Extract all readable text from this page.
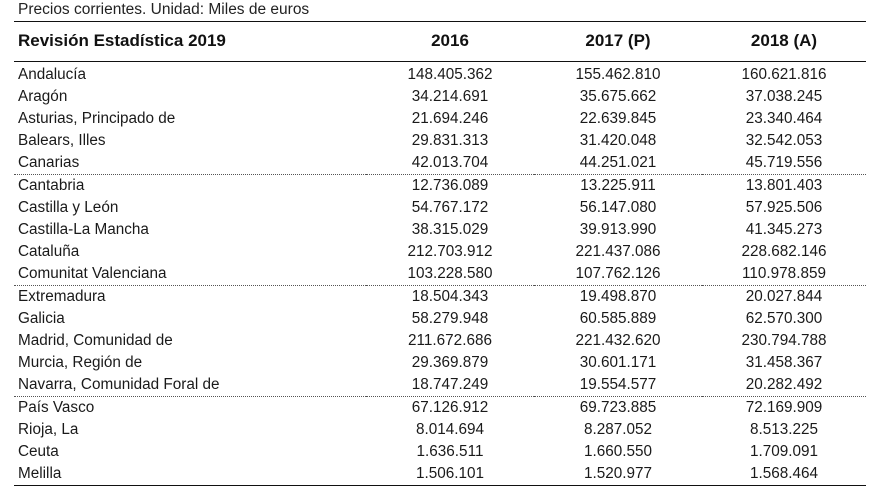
Precios corrientes. Unidad: Miles de euros
Revisión Estadística 2019	2016	2017 (P)	2018 (A)
Andalucía	148.405.362	155.462.810	160.621.816
Aragón	34.214.691	35.675.662	37.038.245
Asturias, Principado de	21.694.246	22.639.845	23.340.464
Balears, Illes	29.831.313	31.420.048	32.542.053
Canarias	42.013.704	44.251.021	45.719.556
Cantabria	12.736.089	13.225.911	13.801.403
Castilla y León	54.767.172	56.147.080	57.925.506
Castilla-La Mancha	38.315.029	39.913.990	41.345.273
Cataluña	212.703.912	221.437.086	228.682.146
Comunitat Valenciana	103.228.580	107.762.126	110.978.859
Extremadura	18.504.343	19.498.870	20.027.844
Galicia	58.279.948	60.585.889	62.570.300
Madrid, Comunidad de	211.672.686	221.432.620	230.794.788
Murcia, Región de	29.369.879	30.601.171	31.458.367
Navarra, Comunidad Foral de	18.747.249	19.554.577	20.282.492
País Vasco	67.126.912	69.723.885	72.169.909
Rioja, La	8.014.694	8.287.052	8.513.225
Ceuta	1.636.511	1.660.550	1.709.091
Melilla	1.506.101	1.520.977	1.568.464
